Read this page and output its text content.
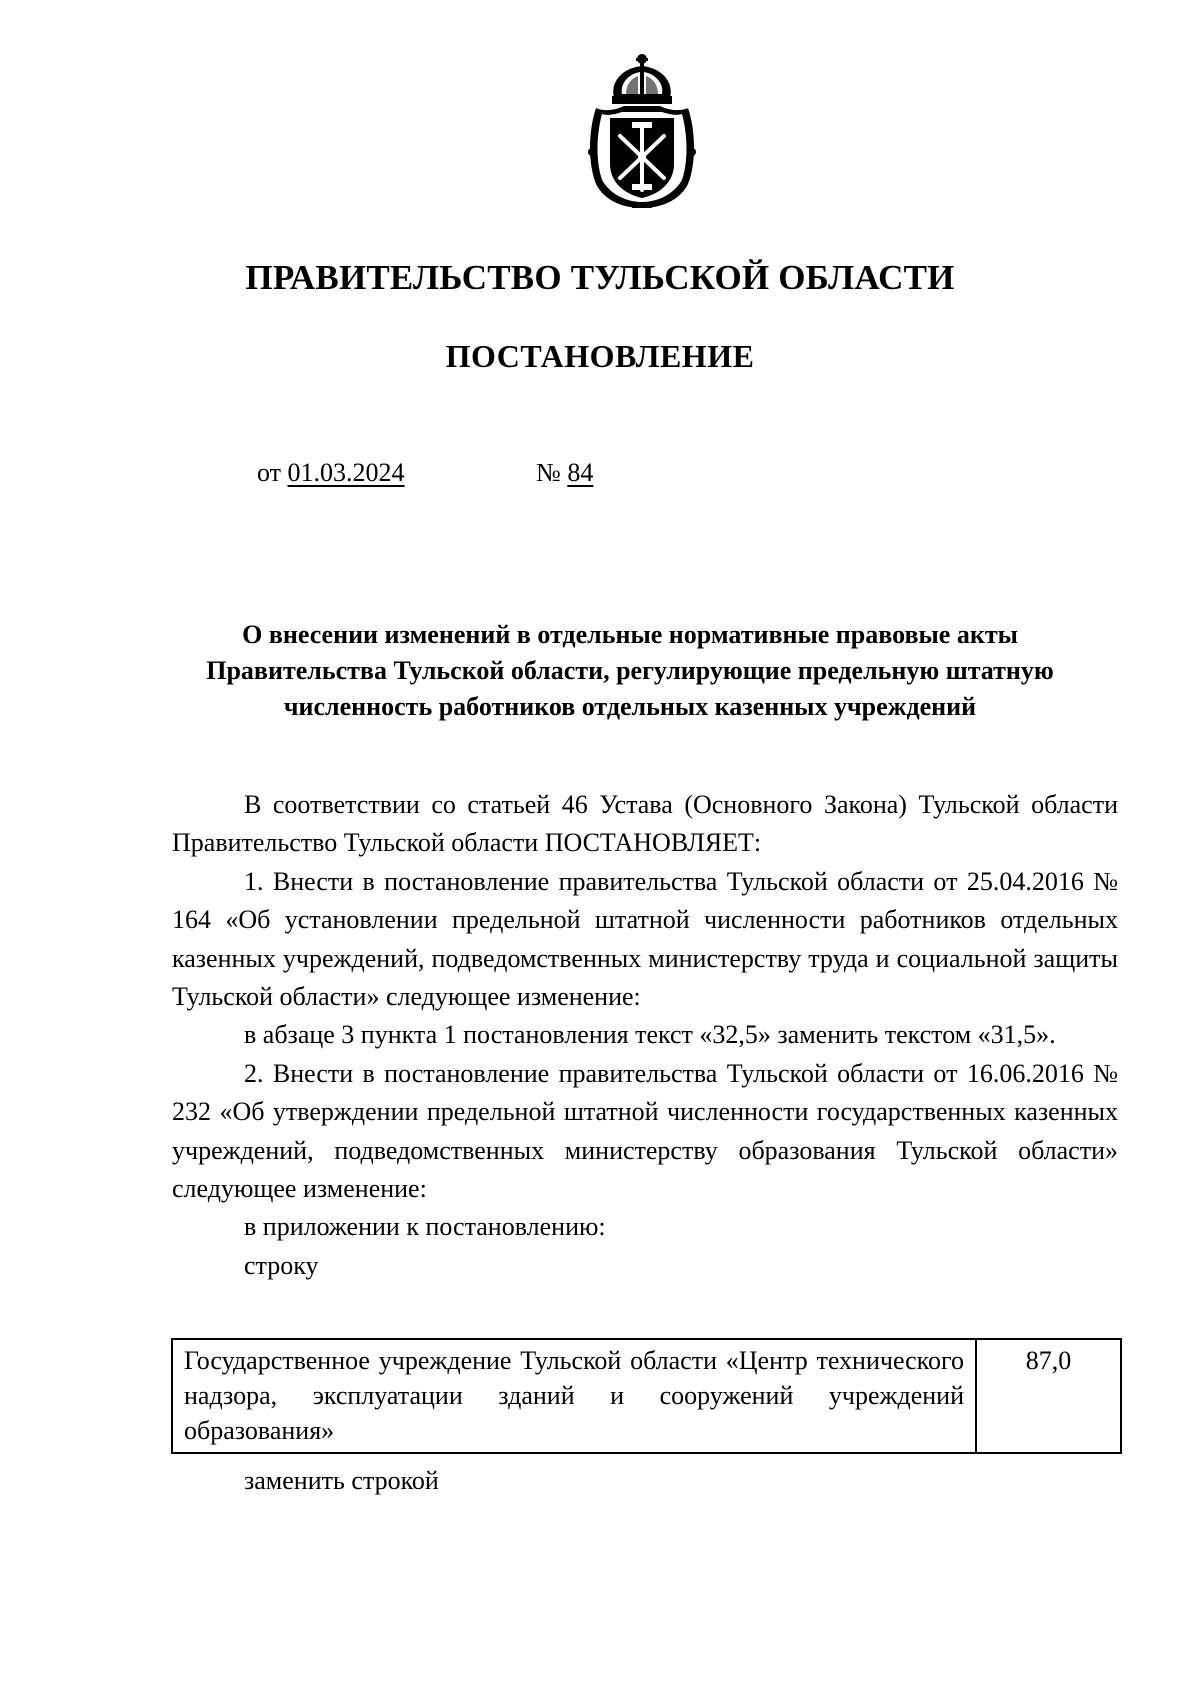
ПРАВИТЕЛЬСТВО ТУЛЬСКОЙ ОБЛАСТИ
ПОСТАНОВЛЕНИЕ
от 01.03.2024	№ 84
О внесении изменений в отдельные нормативные правовые акты
Правительства Тульской области, регулирующие предельную штатную
численность работников отдельных казенных учреждений

В соответствии со статьей 46 Устава (Основного Закона) Тульской области Правительство Тульской области ПОСТАНОВЛЯЕТ:

1. Внести в постановление правительства Тульской области от 25.04.2016 № 164 «Об установлении предельной штатной численности работников отдельных казенных учреждений, подведомственных министерству труда и социальной защиты Тульской области» следующее изменение:

в абзаце 3 пункта 1 постановления текст «32,5» заменить текстом «31,5».

2. Внести в постановление правительства Тульской области от 16.06.2016 № 232 «Об утверждении предельной штатной численности государственных казенных учреждений, подведомственных министерству образования Тульской области» следующее изменение:

в приложении к постановлению:

строку

Государственное учреждение Тульской области «Центр технического надзора, эксплуатации зданий и сооружений учреждений образования»	87,0
заменить строкой
